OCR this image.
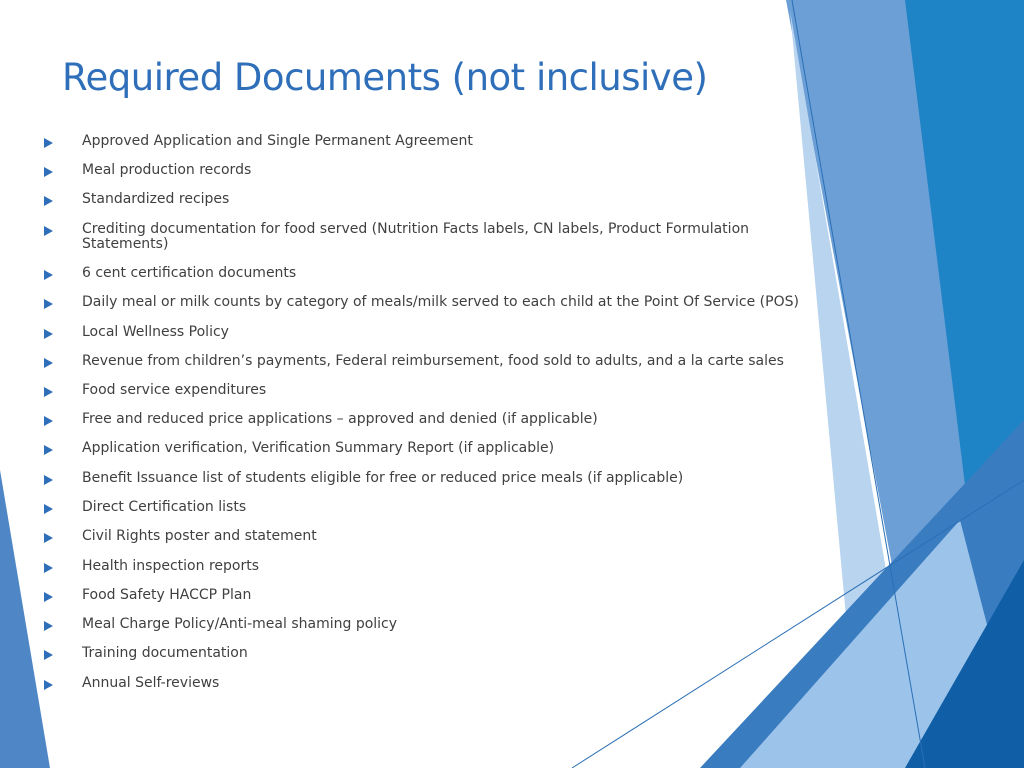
Required Documents (not inclusive)
Approved Application and Single Permanent Agreement
Meal production records
Standardized recipes
Crediting documentation for food served (Nutrition Facts labels, CN labels, Product Formulation Statements)
6 cent certification documents
Daily meal or milk counts by category of meals/milk served to each child at the Point Of Service (POS)
Local Wellness Policy
Revenue from children’s payments, Federal reimbursement, food sold to adults, and a la carte sales
Food service expenditures
Free and reduced price applications – approved and denied (if applicable)
Application verification, Verification Summary Report (if applicable)
Benefit Issuance list of students eligible for free or reduced price meals (if applicable)
Direct Certification lists
Civil Rights poster and statement
Health inspection reports
Food Safety HACCP Plan
Meal Charge Policy/Anti-meal shaming policy
Training documentation
Annual Self-reviews
